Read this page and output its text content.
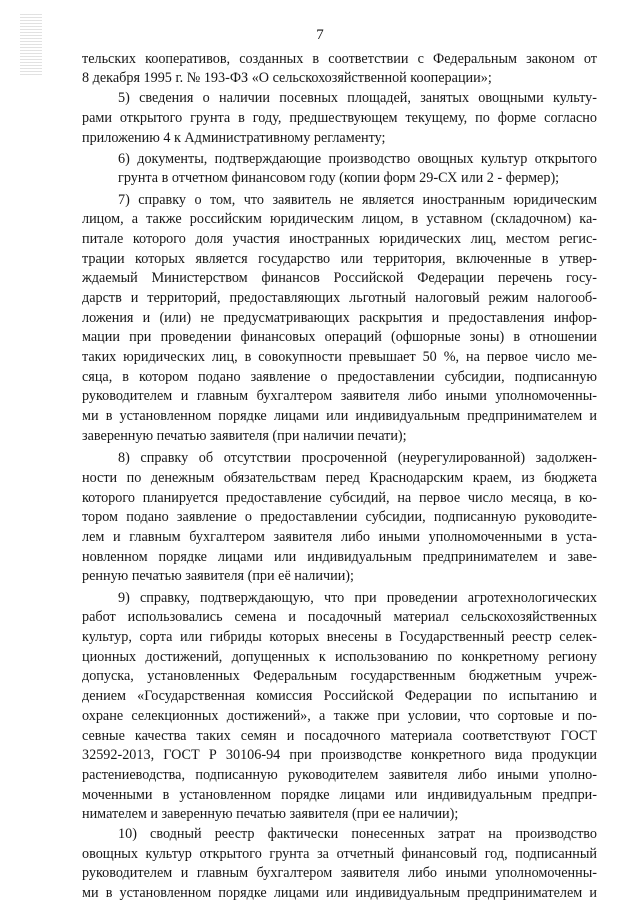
7
тельских кооперативов, созданных в соответствии с Федеральным законом от
8 декабря 1995 г. № 193-ФЗ «О сельскохозяйственной кооперации»;
5) сведения о наличии посевных площадей, занятых овощными культу-
рами открытого грунта в году, предшествующем текущему, по форме согласно
приложению 4 к Административному регламенту;
6) документы, подтверждающие производство овощных культур открытого грунта в отчетном финансовом году (копии форм 29-СХ или 2 - фермер);
7) справку о том, что заявитель не является иностранным юридическим
лицом, а также российским юридическим лицом, в уставном (складочном) ка-
питале которого доля участия иностранных юридических лиц, местом регис-
трации которых является государство или территория, включенные в утвер-
ждаемый Министерством финансов Российской Федерации перечень госу-
дарств и территорий, предоставляющих льготный налоговый режим налогооб-
ложения и (или) не предусматривающих раскрытия и предоставления инфор-
мации при проведении финансовых операций (офшорные зоны) в отношении
таких юридических лиц, в совокупности превышает 50 %, на первое число ме-
сяца, в котором подано заявление о предоставлении субсидии, подписанную
руководителем и главным бухгалтером заявителя либо иными уполномоченны-
ми в установленном порядке лицами или индивидуальным предпринимателем и
заверенную печатью заявителя (при наличии печати);
8) справку об отсутствии просроченной (неурегулированной) задолжен-
ности по денежным обязательствам перед Краснодарским краем, из бюджета
которого планируется предоставление субсидий, на первое число месяца, в ко-
тором подано заявление о предоставлении субсидии, подписанную руководите-
лем и главным бухгалтером заявителя либо иными уполномоченными в уста-
новленном порядке лицами или индивидуальным предпринимателем и заве-
ренную печатью заявителя (при её наличии);
9) справку, подтверждающую, что при проведении агротехнологических
работ использовались семена и посадочный материал сельскохозяйственных
культур, сорта или гибриды которых внесены в Государственный реестр селек-
ционных достижений, допущенных к использованию по конкретному региону
допуска, установленных Федеральным государственным бюджетным учреж-
дением «Государственная комиссия Российской Федерации по испытанию и
охране селекционных достижений», а также при условии, что сортовые и по-
севные качества таких семян и посадочного материала соответствуют ГОСТ
32592-2013, ГОСТ Р 30106-94 при производстве конкретного вида продукции
растениеводства, подписанную руководителем заявителя либо иными уполно-
моченными в установленном порядке лицами или индивидуальным предпри-
нимателем и заверенную печатью заявителя (при ее наличии);
10) сводный реестр фактически понесенных затрат на производство
овощных культур открытого грунта за отчетный финансовый год, подписанный
руководителем и главным бухгалтером заявителя либо иными уполномоченны-
ми в установленном порядке лицами или индивидуальным предпринимателем и
